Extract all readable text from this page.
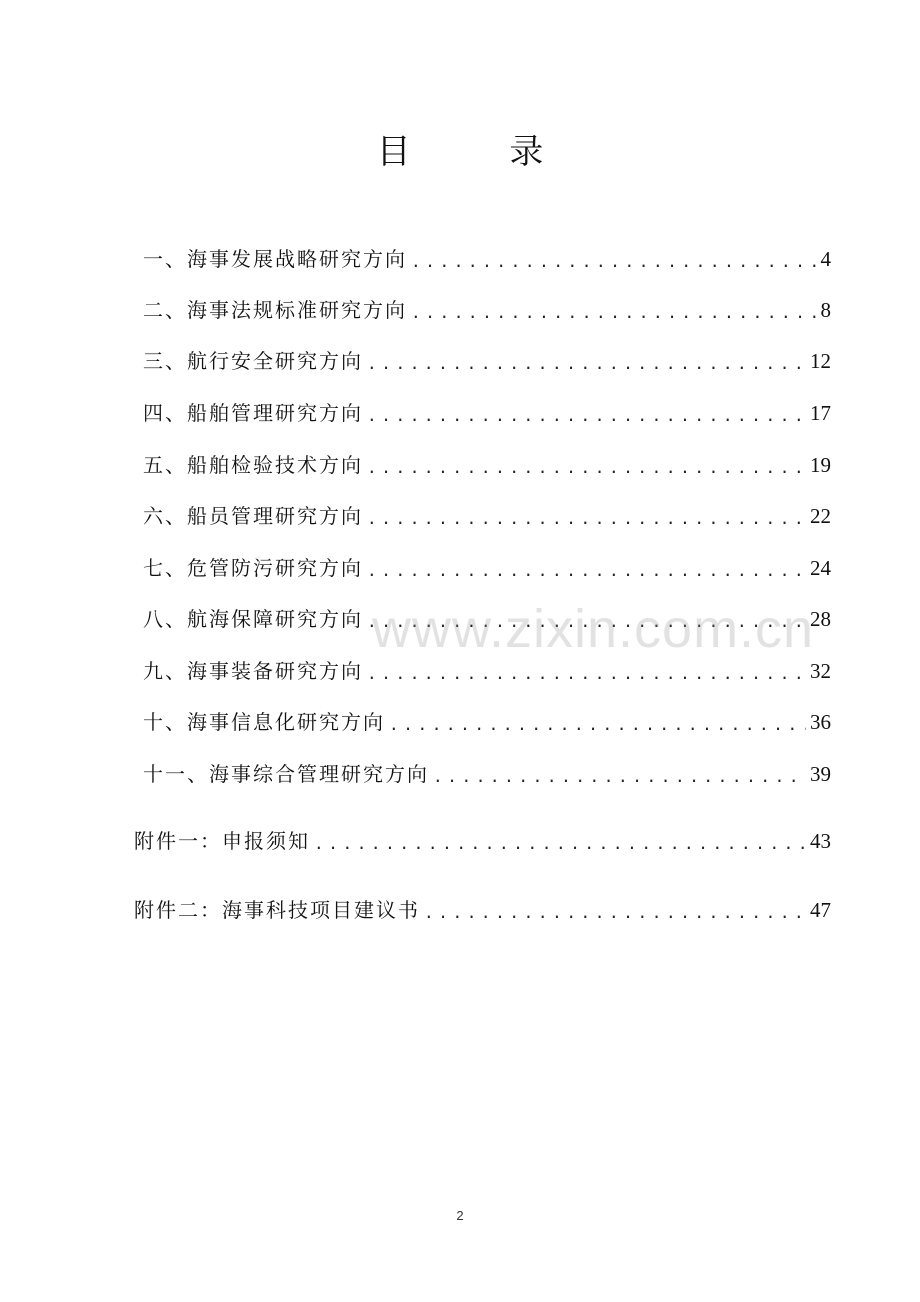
目 录
一、海事发展战略研究方向 .....	4
二、海事法规标准研究方向 .....	8
三、航行安全研究方向 .....	12
四、船舶管理研究方向 .....	17
五、船舶检验技术方向 .....	19
六、船员管理研究方向 .....	22
七、危管防污研究方向 .....	24
八、航海保障研究方向 .....	28
九、海事装备研究方向 .....	32
十、海事信息化研究方向 .....	36
十一、海事综合管理研究方向 .....	39
附件一：申报须知 .....	43
附件二：海事科技项目建议书 .....	47
www.zixin.com.cn
2
